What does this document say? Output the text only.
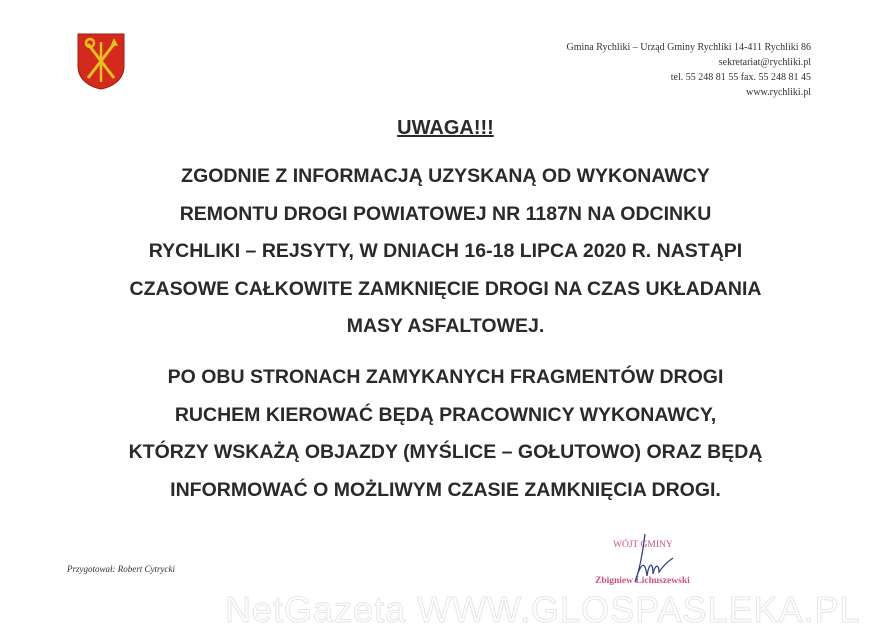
Gmina Rychliki – Urząd Gminy Rychliki 14-411 Rychliki 86
sekretariat@rychliki.pl
tel. 55 248 81 55 fax. 55 248 81 45
www.rychliki.pl
UWAGA!!!
ZGODNIE Z INFORMACJĄ UZYSKANĄ OD WYKONAWCY
REMONTU DROGI POWIATOWEJ NR 1187N NA ODCINKU
RYCHLIKI – REJSYTY, W DNIACH 16-18 LIPCA 2020 R. NASTĄPI
CZASOWE CAŁKOWITE ZAMKNIĘCIE DROGI NA CZAS UKŁADANIA
MASY ASFALTOWEJ.
PO OBU STRONACH ZAMYKANYCH FRAGMENTÓW DROGI
RUCHEM KIEROWAĆ BĘDĄ PRACOWNICY WYKONAWCY,
KTÓRZY WSKAŻĄ OBJAZDY (MYŚLICE – GOŁUTOWO) ORAZ BĘDĄ
INFORMOWAĆ O MOŻLIWYM CZASIE ZAMKNIĘCIA DROGI.
Przygotował: Robert Cytrycki
WÓJT GMINY
Zbigniew Lichuszewski
NetGazeta WWW.GLOSPASLEKA.PL
